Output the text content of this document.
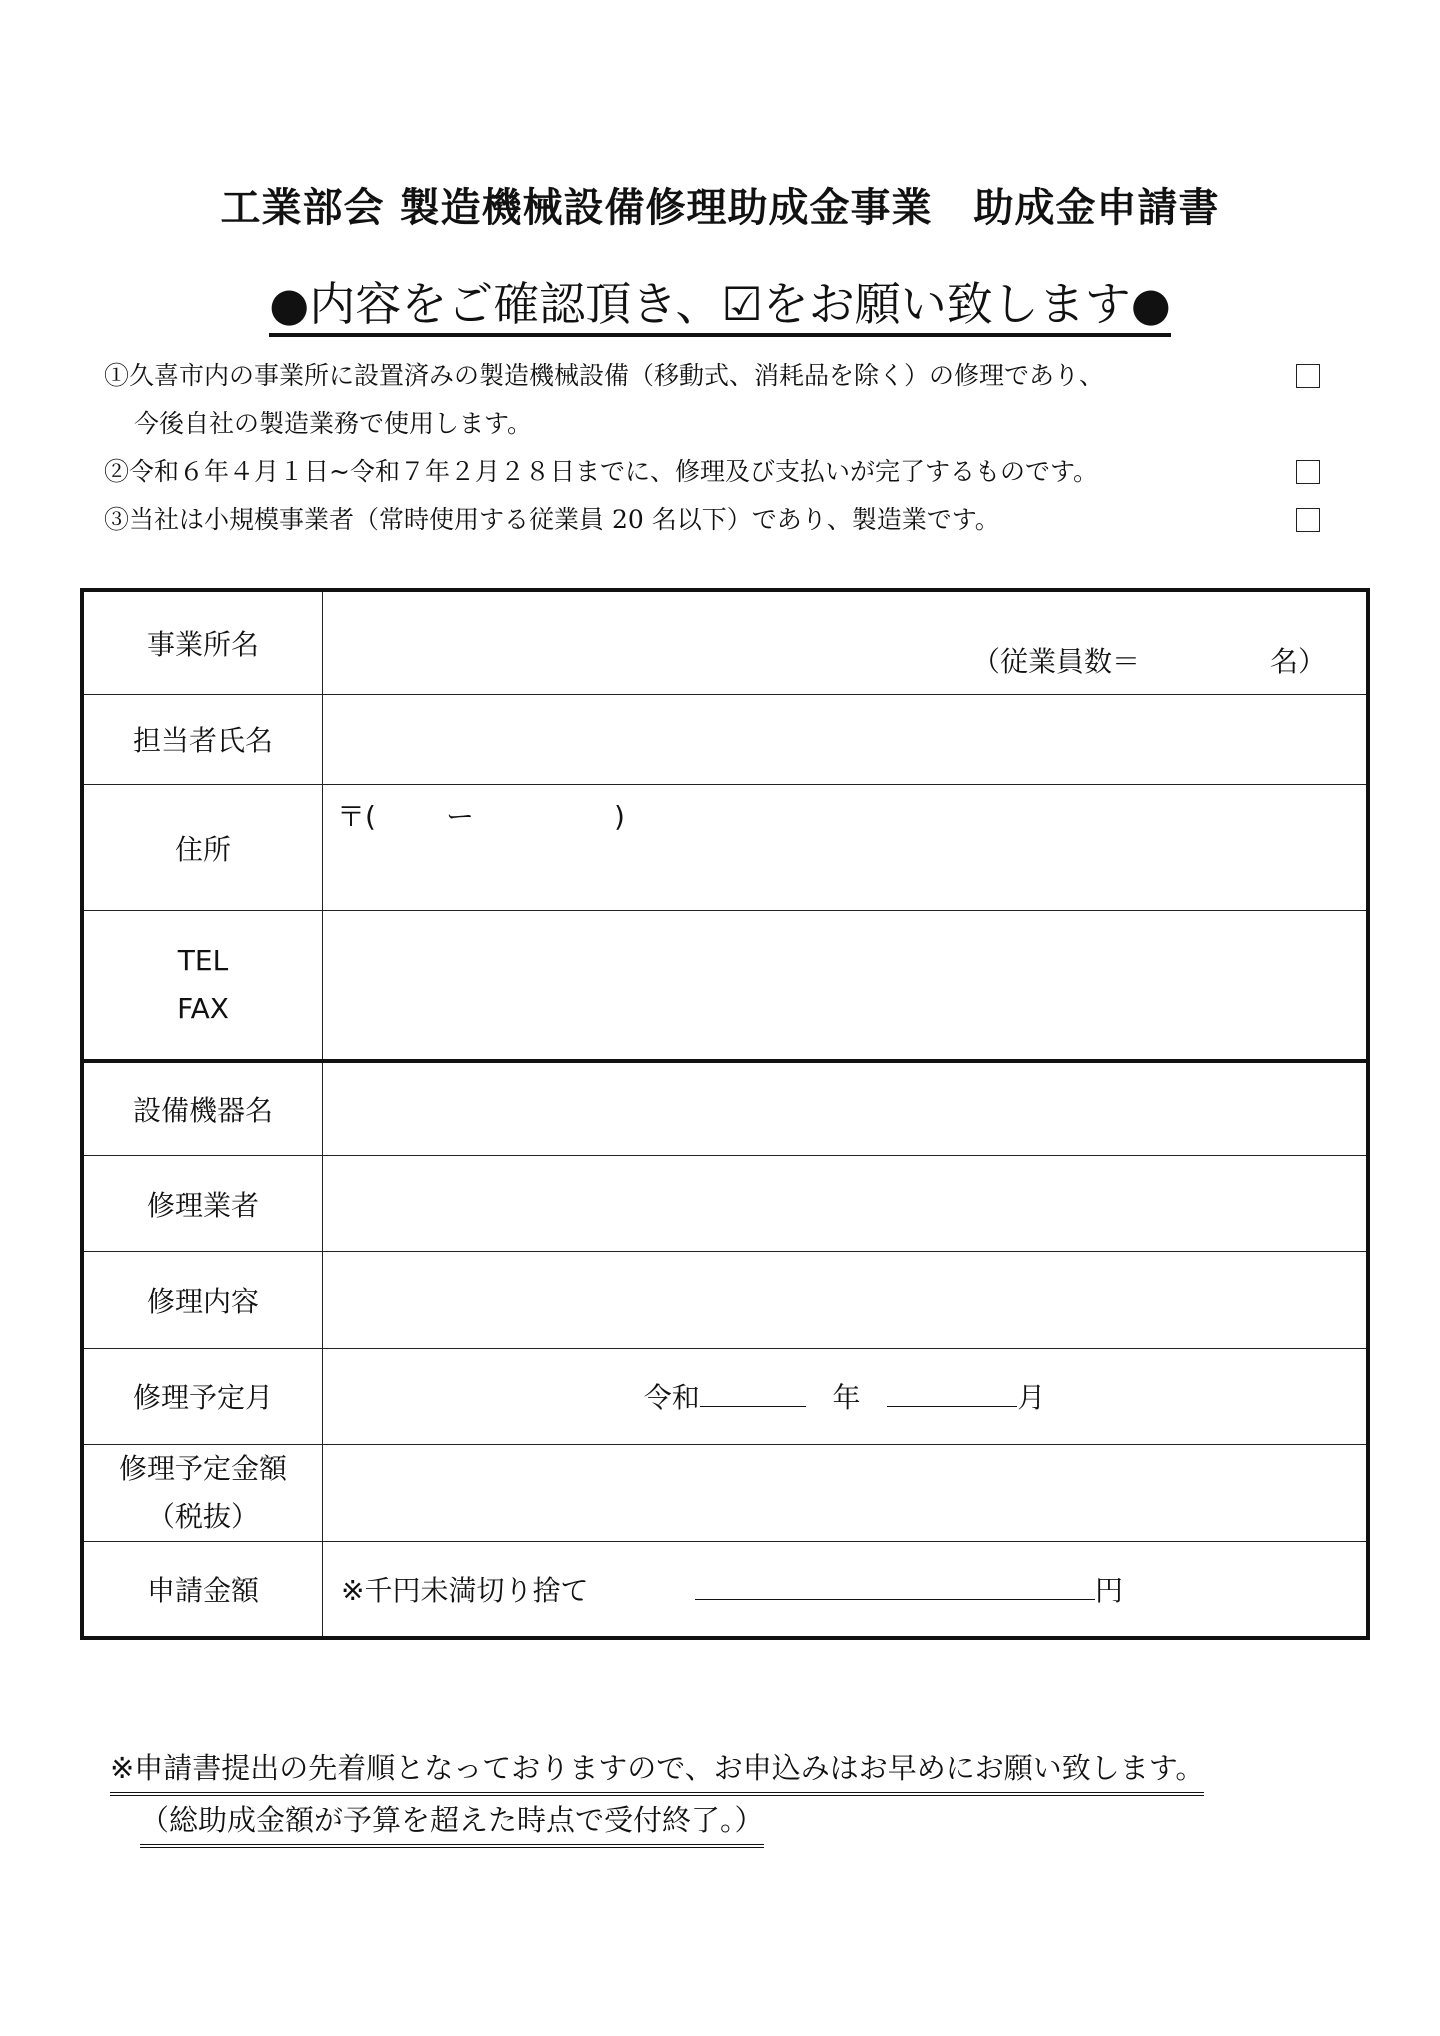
工業部会 製造機械設備修理助成金事業　助成金申請書
●内容をご確認頂き、☑をお願い致します●
①久喜市内の事業所に設置済みの製造機械設備（移動式、消耗品を除く）の修理であり、
今後自社の製造業務で使用します。
②令和６年４月１日~令和７年２月２８日までに、修理及び支払いが完了するものです。
③当社は小規模事業者（常時使用する従業員 20 名以下）であり、製造業です。
事業所名	（従業員数＝ 名）

担当者氏名	
住所	〒( ー )

TEL
FAX	

設備機器名	
修理業者	
修理内容	
修理予定月	令和 年 月

修理予定金額
（税抜）	

申請金額	※千円未満切り捨て 円
※申請書提出の先着順となっておりますので、お申込みはお早めにお願い致します。
（総助成金額が予算を超えた時点で受付終了。）
